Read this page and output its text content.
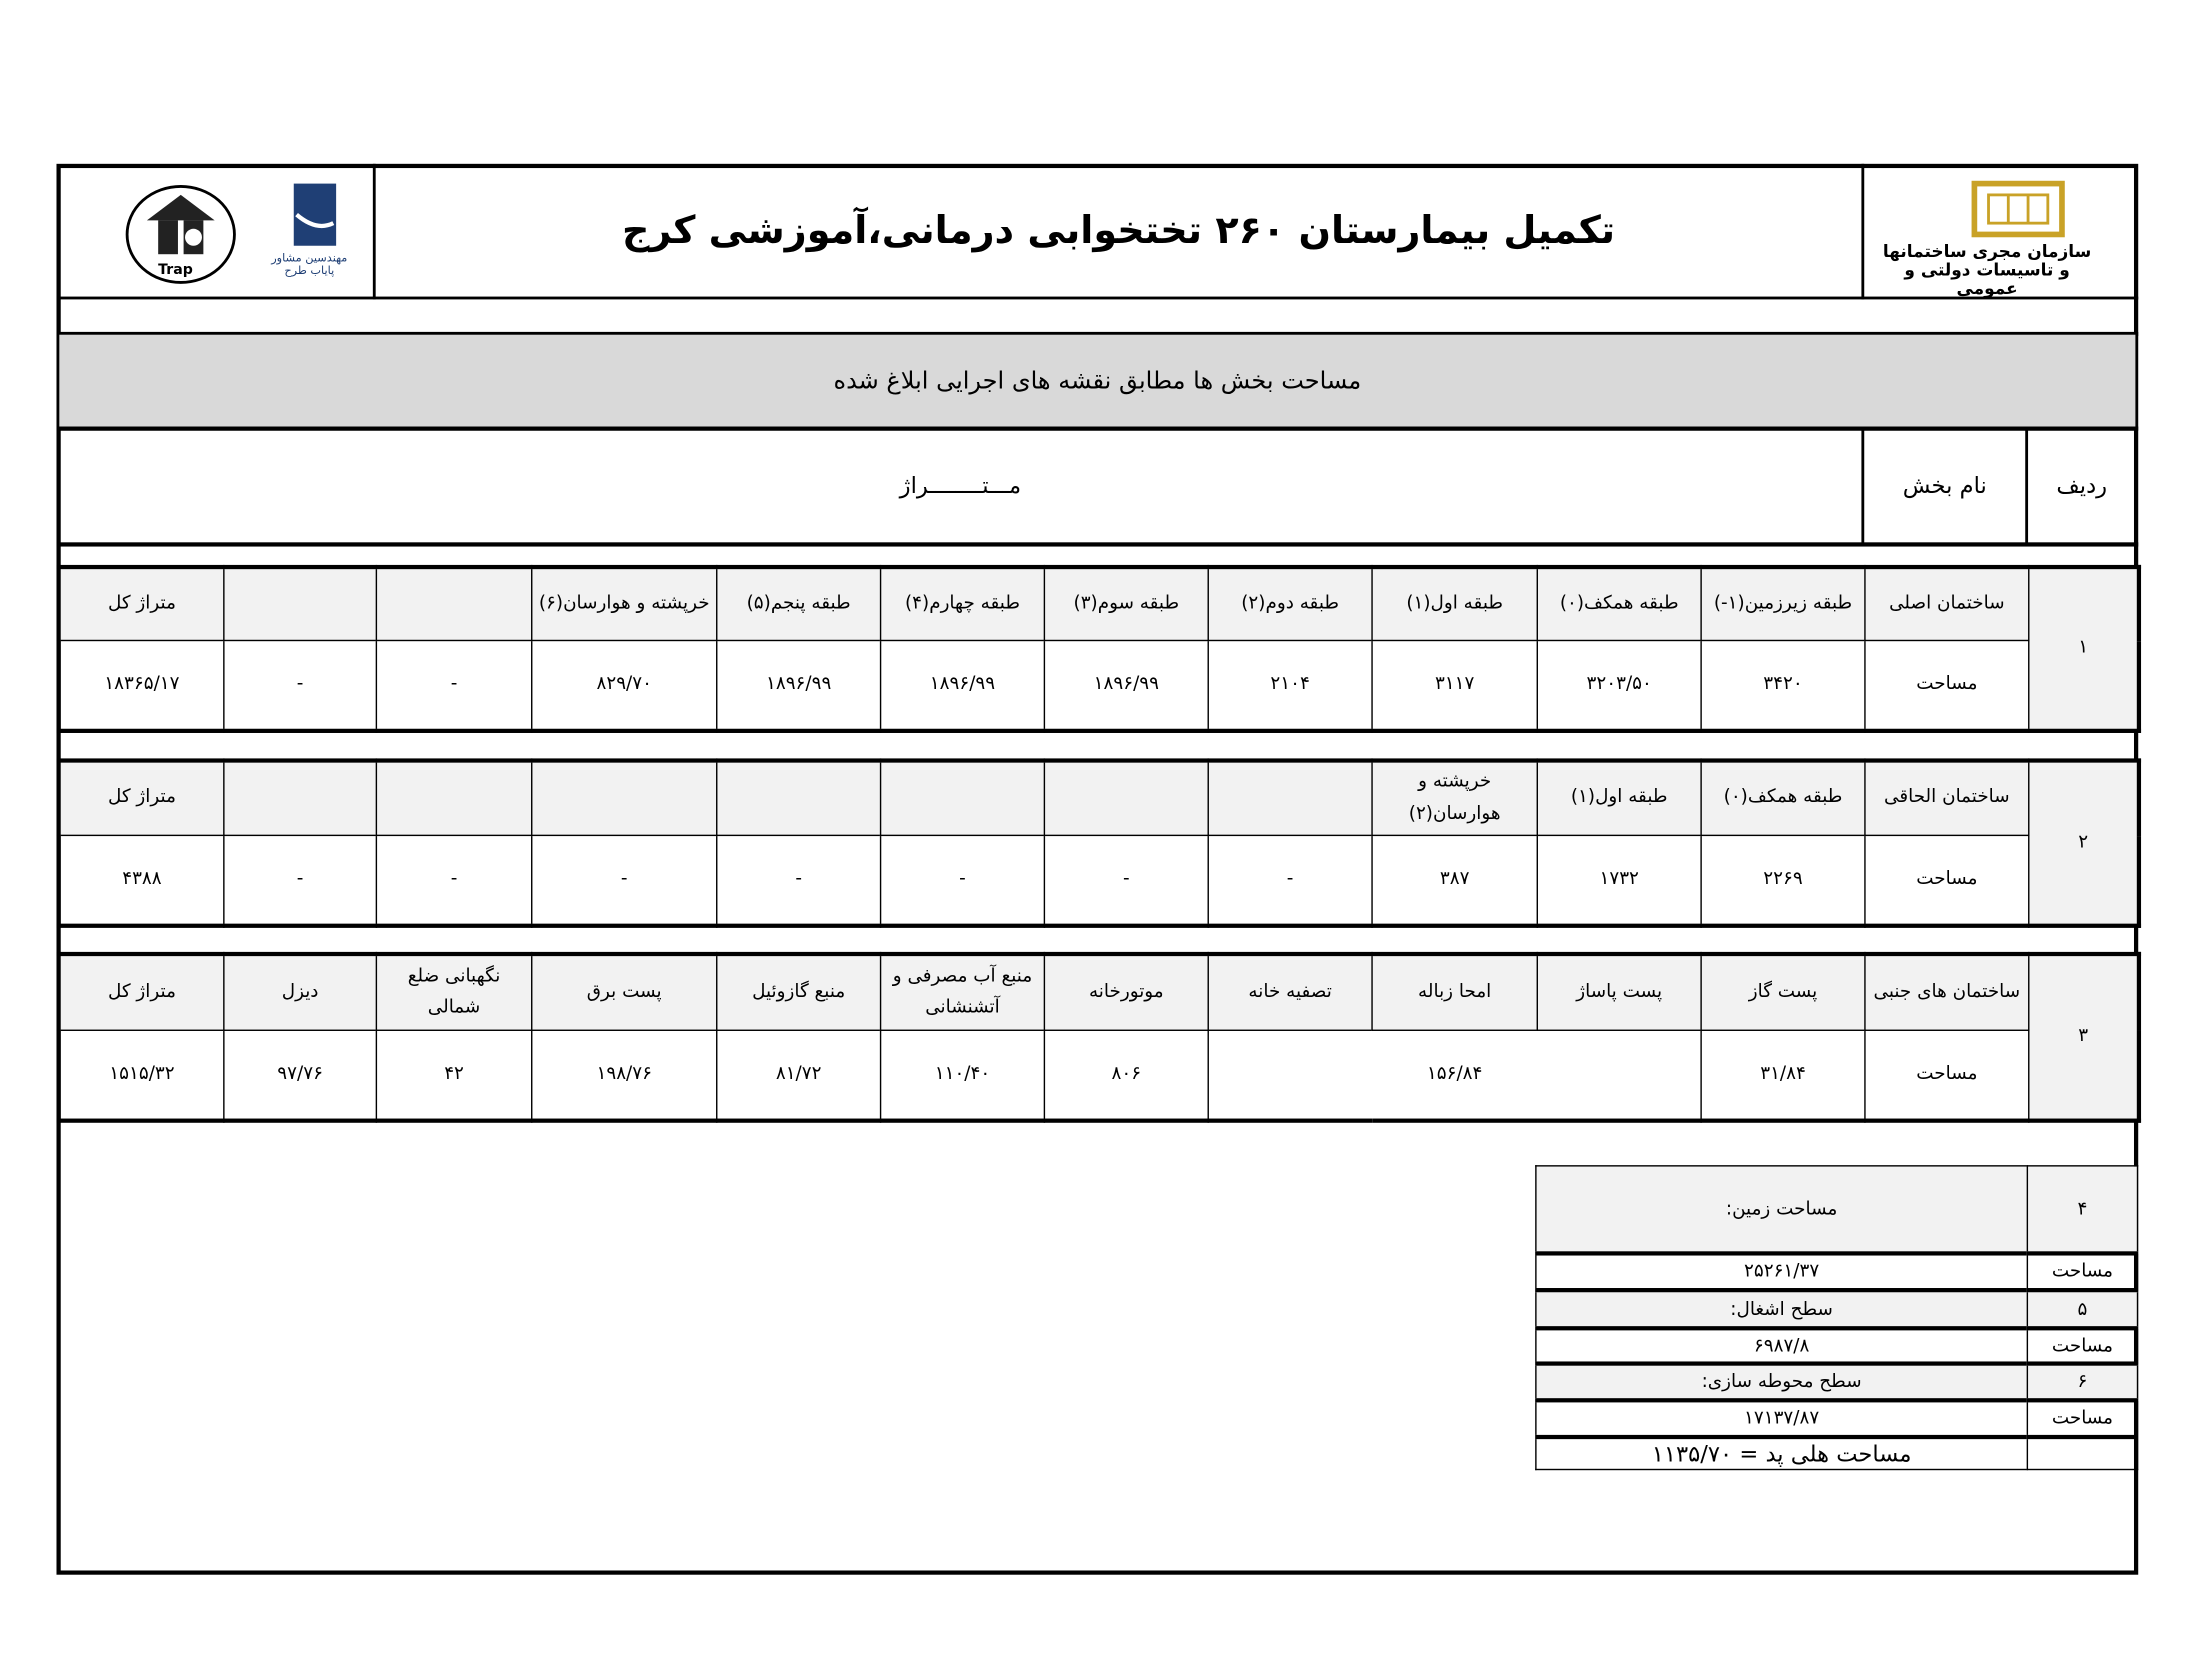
تکمیل بیمارستان ۲۶۰ تختخوابی درمانی،آموزشی کرج	سازمان مجری ساختمانها و تاسیسات دولتی و عمومی
Trap
مهندسین مشاور پایاب طرح
مساحت بخش ها مطابق نقشه های اجرایی ابلاغ شده
ردیف
نام بخش
مـــتــــــــراژ
۱	ساختمان اصلی	طبقه زیرزمین(۱-)	طبقه همکف(۰)	طبقه اول(۱)	طبقه دوم(۲)	طبقه سوم(۳)	طبقه چهارم(۴)	طبقه پنجم(۵)	خرپشته و هوارسان(۶)			متراژ کل
	مساحت	۳۴۲۰	۳۲۰۳/۵۰	۳۱۱۷	۲۱۰۴	۱۸۹۶/۹۹	۱۸۹۶/۹۹	۱۸۹۶/۹۹	۸۲۹/۷۰	-	-	۱۸۳۶۵/۱۷
۲	ساختمان الحاقی	طبقه همکف(۰)	طبقه اول(۱)	خرپشته و هوارسان(۲)								متراژ کل
	مساحت	۲۲۶۹	۱۷۳۲	۳۸۷	-	-	-	-	-	-	-	۴۳۸۸
۳	ساختمان های جنبی	پست گاز	پست پاساژ	امحا زباله	تصفیه خانه	موتورخانه	منبع آب مصرفی و آتشنشانی	منبع گازوئیل	پست برق	نگهبانی ضلع شمالی	دیزل	متراژ کل
	مساحت	۳۱/۸۴	۱۵۶/۸۴			۸۰۶	۱۱۰/۴۰	۸۱/۷۲	۱۹۸/۷۶	۴۲	۹۷/۷۶	۱۵۱۵/۳۲
۴	مساحت زمین:
مساحت	۲۵۲۶۱/۳۷
۵	سطح اشغال:
مساحت	۶۹۸۷/۸
۶	سطح محوطه سازی:
مساحت	۱۷۱۳۷/۸۷
	مساحت هلی پد = ۱۱۳۵/۷۰
